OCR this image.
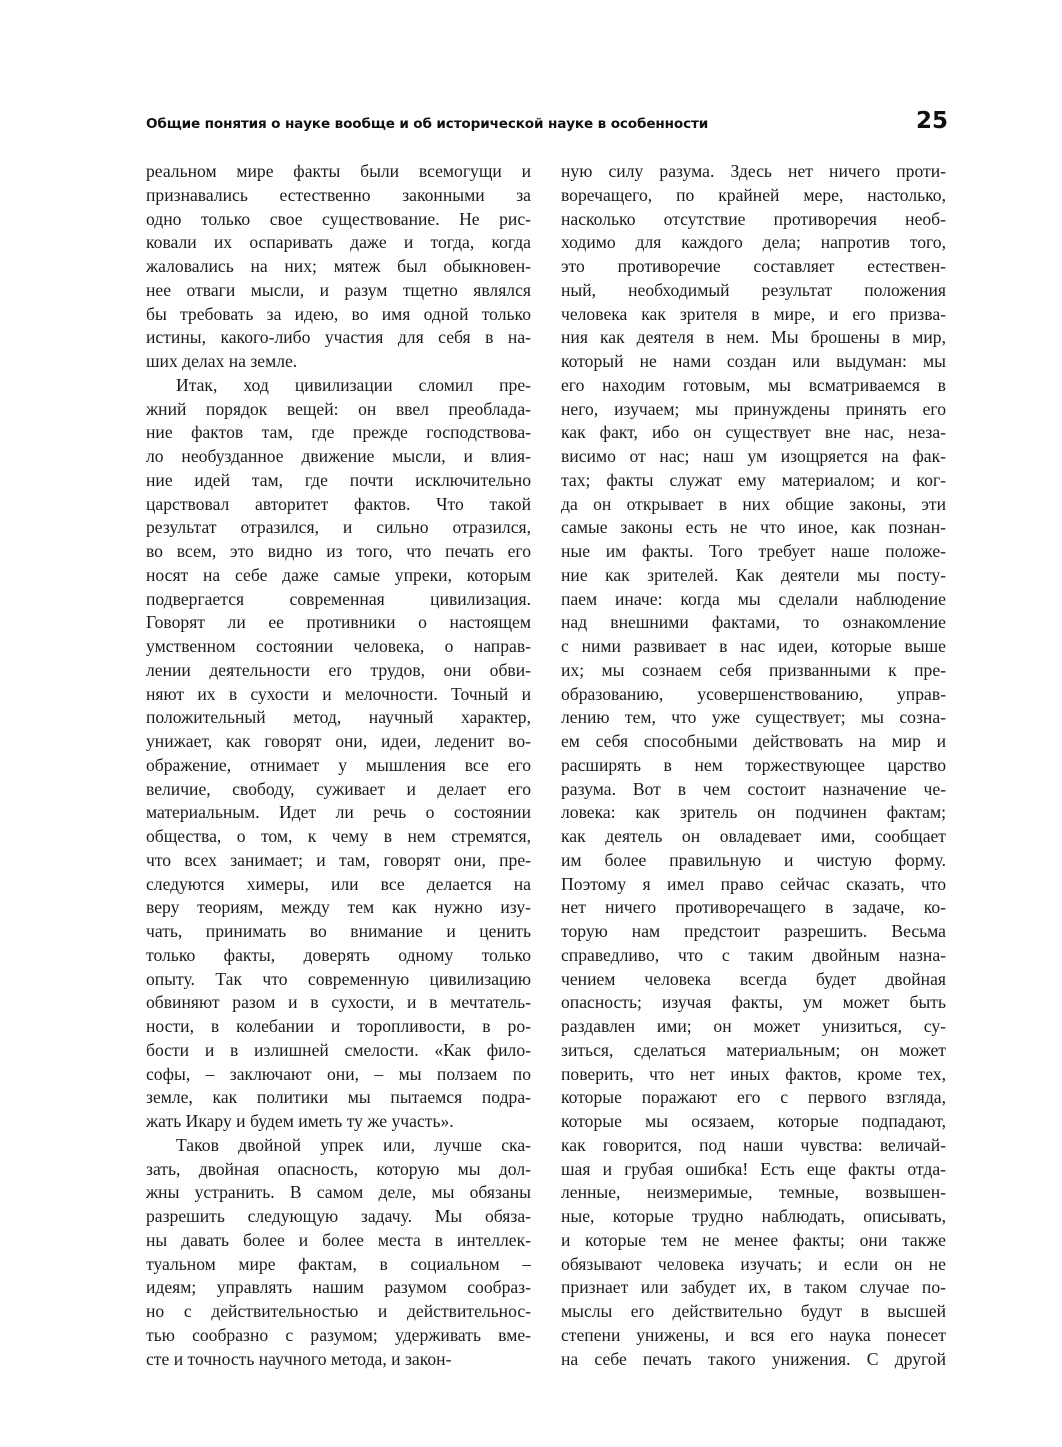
Общие понятия о науке вообще и об исторической науке в особенности	25
реальном мире факты были всемогущи и
признавались естественно законными за
одно только свое существование. Не рис-
ковали их оспаривать даже и тогда, когда
жаловались на них; мятеж был обыкновен-
нее отваги мысли, и разум тщетно являлся
бы требовать за идею, во имя одной только
истины, какого-либо участия для себя в на-
ших делах на земле.
Итак, ход цивилизации сломил пре-
жний порядок вещей: он ввел преоблада-
ние фактов там, где прежде господствова-
ло необузданное движение мысли, и влия-
ние идей там, где почти исключительно
царствовал авторитет фактов. Что такой
результат отразился, и сильно отразился,
во всем, это видно из того, что печать его
носят на себе даже самые упреки, которым
подвергается современная цивилизация.
Говорят ли ее противники о настоящем
умственном состоянии человека, о направ-
лении деятельности его трудов, они обви-
няют их в сухости и мелочности. Точный и
положительный метод, научный характер,
унижает, как говорят они, идеи, леденит во-
ображение, отнимает у мышления все его
величие, свободу, суживает и делает его
материальным. Идет ли речь о состоянии
общества, о том, к чему в нем стремятся,
что всех занимает; и там, говорят они, пре-
следуются химеры, или все делается на
веру теориям, между тем как нужно изу-
чать, принимать во внимание и ценить
только факты, доверять одному только
опыту. Так что современную цивилизацию
обвиняют разом и в сухости, и в мечтатель-
ности, в колебании и торопливости, в ро-
бости и в излишней смелости. «Как фило-
софы, – заключают они, – мы ползаем по
земле, как политики мы пытаемся подра-
жать Икару и будем иметь ту же участь».
Таков двойной упрек или, лучше ска-
зать, двойная опасность, которую мы дол-
жны устранить. В самом деле, мы обязаны
разрешить следующую задачу. Мы обяза-
ны давать более и более места в интеллек-
туальном мире фактам, в социальном –
идеям; управлять нашим разумом сообраз-
но с действительностью и действительнос-
тью сообразно с разумом; удерживать вме-
сте и точность научного метода, и закон-
ную силу разума. Здесь нет ничего проти-
воречащего, по крайней мере, настолько,
насколько отсутствие противоречия необ-
ходимо для каждого дела; напротив того,
это противоречие составляет естествен-
ный, необходимый результат положения
человека как зрителя в мире, и его призва-
ния как деятеля в нем. Мы брошены в мир,
который не нами создан или выдуман: мы
его находим готовым, мы всматриваемся в
него, изучаем; мы принуждены принять его
как факт, ибо он существует вне нас, неза-
висимо от нас; наш ум изощряется на фак-
тах; факты служат ему материалом; и ког-
да он открывает в них общие законы, эти
самые законы есть не что иное, как познан-
ные им факты. Того требует наше положе-
ние как зрителей. Как деятели мы посту-
паем иначе: когда мы сделали наблюдение
над внешними фактами, то ознакомление
с ними развивает в нас идеи, которые выше
их; мы сознаем себя призванными к пре-
образованию, усовершенствованию, управ-
лению тем, что уже существует; мы созна-
ем себя способными действовать на мир и
расширять в нем торжествующее царство
разума. Вот в чем состоит назначение че-
ловека: как зритель он подчинен фактам;
как деятель он овладевает ими, сообщает
им более правильную и чистую форму.
Поэтому я имел право сейчас сказать, что
нет ничего противоречащего в задаче, ко-
торую нам предстоит разрешить. Весьма
справедливо, что с таким двойным назна-
чением человека всегда будет двойная
опасность; изучая факты, ум может быть
раздавлен ими; он может унизиться, су-
зиться, сделаться материальным; он может
поверить, что нет иных фактов, кроме тех,
которые поражают его с первого взгляда,
которые мы осязаем, которые подпадают,
как говорится, под наши чувства: величай-
шая и грубая ошибка! Есть еще факты отда-
ленные, неизмеримые, темные, возвышен-
ные, которые трудно наблюдать, описывать,
и которые тем не менее факты; они также
обязывают человека изучать; и если он не
признает или забудет их, в таком случае по-
мыслы его действительно будут в высшей
степени унижены, и вся его наука понесет
на себе печать такого унижения. С другой
